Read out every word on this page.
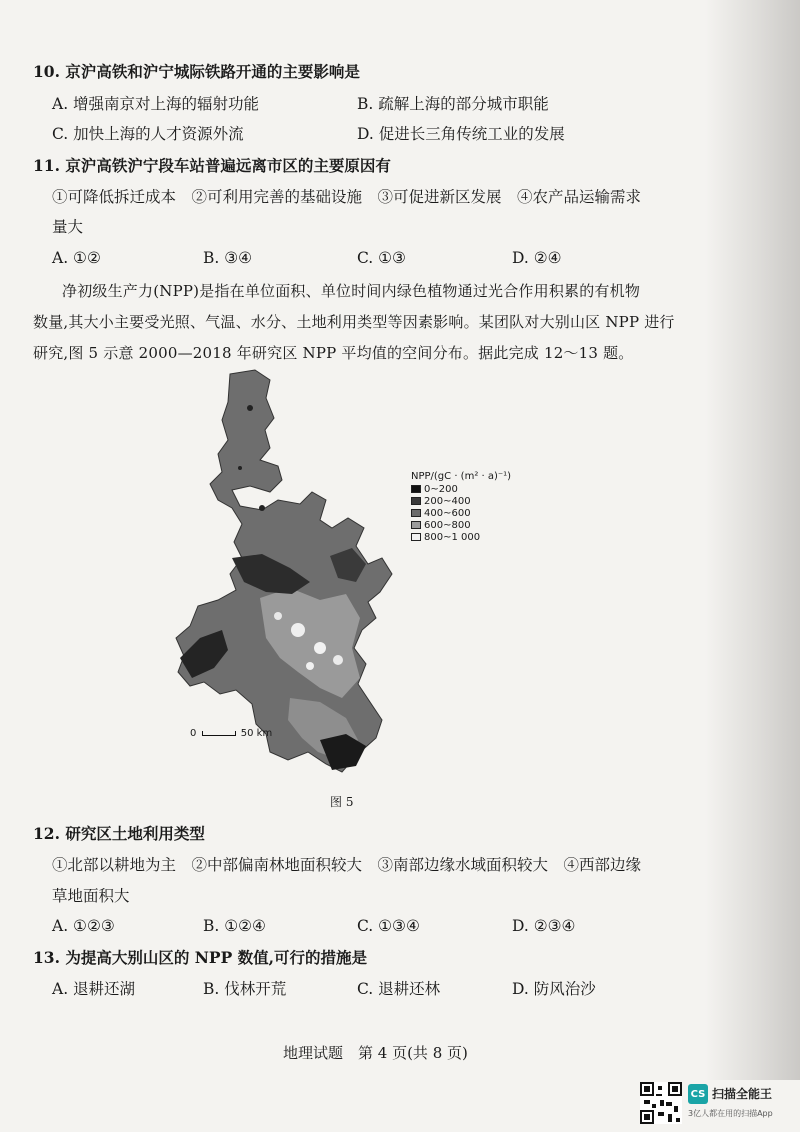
10. 京沪高铁和沪宁城际铁路开通的主要影响是
A. 增强南京对上海的辐射功能	B. 疏解上海的部分城市职能
C. 加快上海的人才资源外流	D. 促进长三角传统工业的发展
11. 京沪高铁沪宁段车站普遍远离市区的主要原因有
①可降低拆迁成本　②可利用完善的基础设施　③可促进新区发展　④农产品运输需求
量大
A. ①②	B. ③④	C. ①③	D. ②④
净初级生产力(NPP)是指在单位面积、单位时间内绿色植物通过光合作用积累的有机物
数量,其大小主要受光照、气温、水分、土地利用类型等因素影响。某团队对大别山区 NPP 进行
研究,图 5 示意 2000—2018 年研究区 NPP 平均值的空间分布。据此完成 12～13 题。
NPP/(gC · (m² · a)⁻¹)
0~200
200~400
400~600
600~800
800~1 000
0	50 km
图 5
12. 研究区土地利用类型
①北部以耕地为主　②中部偏南林地面积较大　③南部边缘水域面积较大　④西部边缘
草地面积大
A. ①②③	B. ①②④	C. ①③④	D. ②③④
13. 为提高大别山区的 NPP 数值,可行的措施是
A. 退耕还湖	B. 伐林开荒	C. 退耕还林	D. 防风治沙
地理试题　第 4 页(共 8 页)
CS 扫描全能王
3亿人都在用的扫描App
